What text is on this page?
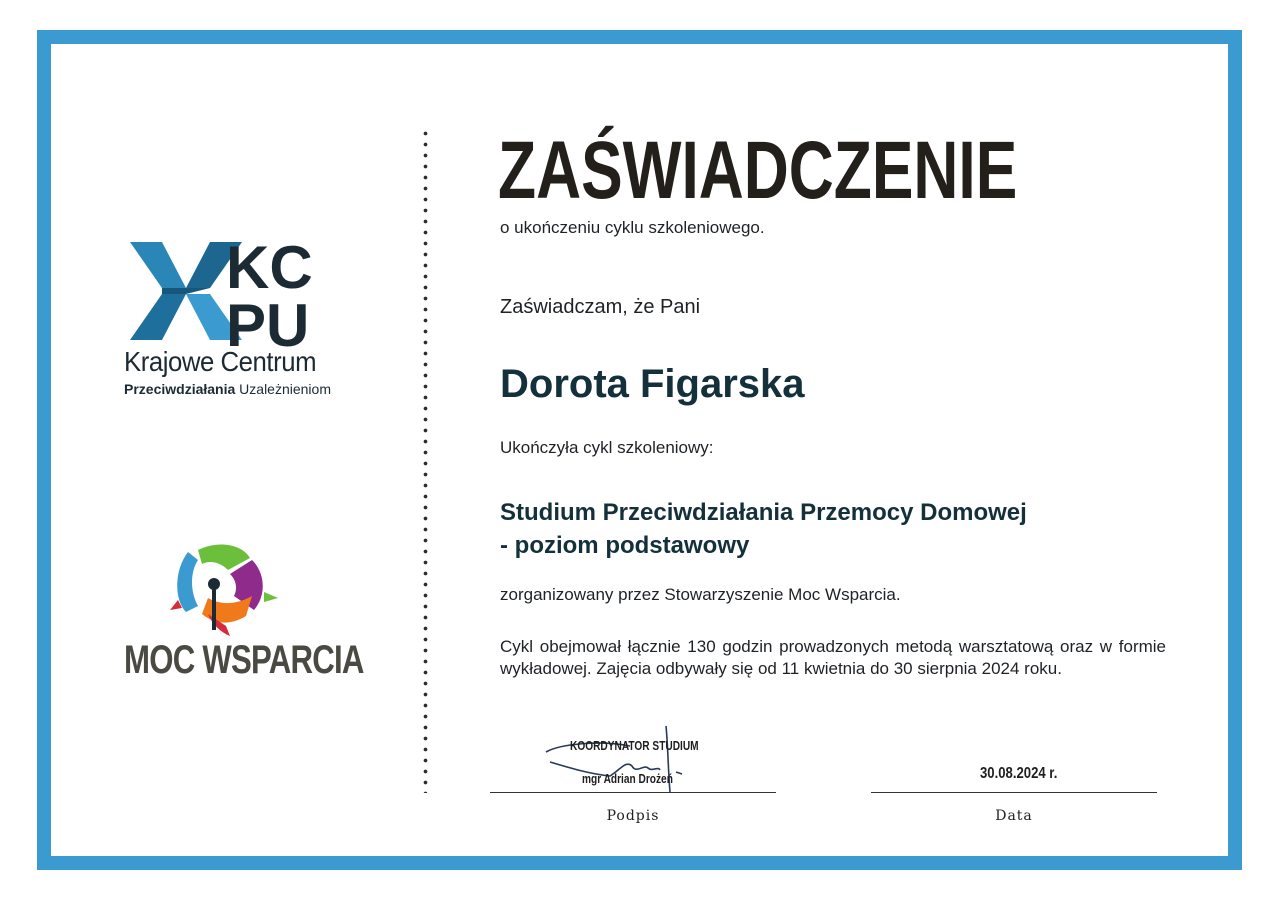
KC
PU
Krajowe Centrum
Przeciwdziałania Uzależnieniom
MOC WSPARCIA
ZAŚWIADCZENIE
o ukończeniu cyklu szkoleniowego.
Zaświadczam, że Pani
Dorota Figarska
Ukończyła cykl szkoleniowy:
Studium Przeciwdziałania Przemocy Domowej
- poziom podstawowy
zorganizowany przez Stowarzyszenie Moc Wsparcia.
Cykl obejmował łącznie 130 godzin prowadzonych metodą warsztatową oraz w formie wykładowej. Zajęcia odbywały się od 11 kwietnia do 30 sierpnia 2024 roku.
KOORDYNATOR STUDIUM
mgr Adrian Drożeń
Podpis
30.08.2024 r.
Data
